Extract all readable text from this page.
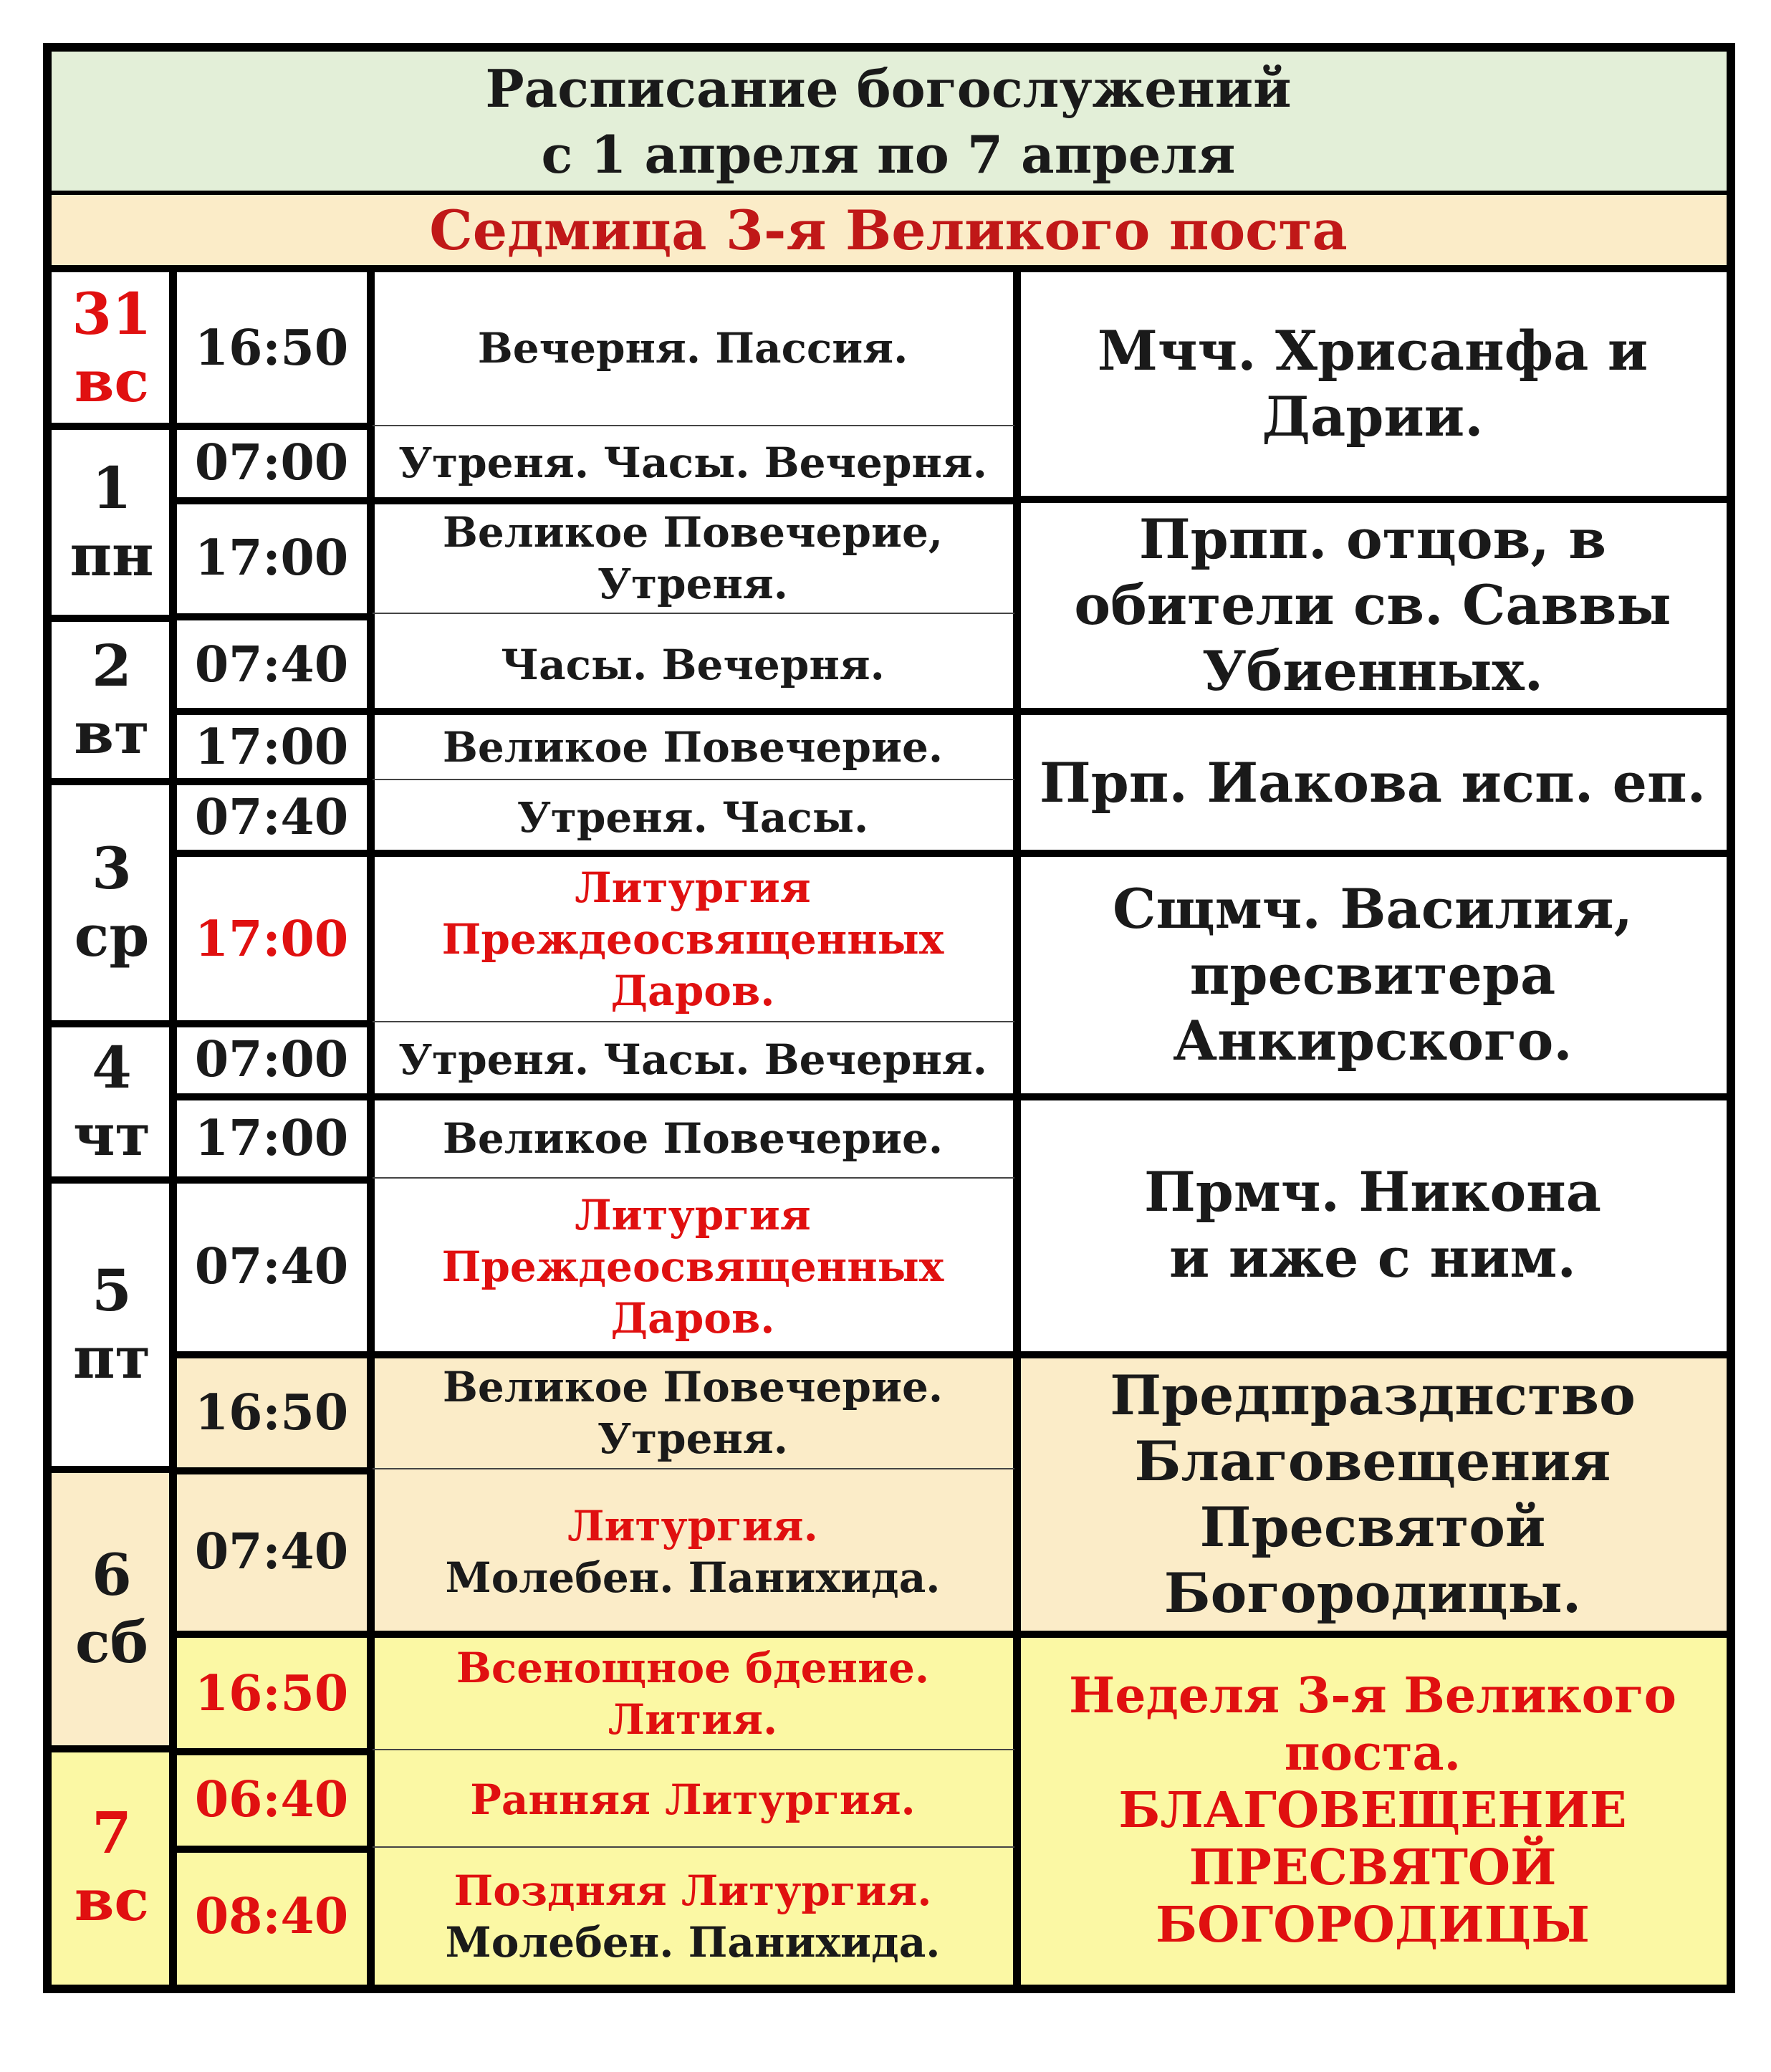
Расписание богослужений
с 1 апреля по 7 апреля
Седмица 3-я Великого поста
31
вс
1
пн
2
вт
3
ср
4
чт
5
пт
6
сб
7
вс
16:50
07:00
17:00
07:40
17:00
07:40
17:00
07:00
17:00
07:40
16:50
07:40
16:50
06:40
08:40
Вечерня. Пассия.
Утреня. Часы. Вечерня.
Великое Повечерие,
Утреня.
Часы. Вечерня.
Великое Повечерие.
Утреня. Часы.
Литургия
Преждеосвященных
Даров.
Утреня. Часы. Вечерня.
Великое Повечерие.
Литургия
Преждеосвященных
Даров.
Великое Повечерие.
Утреня.
Литургия.
Молебен. Панихида.
Всенощное бдение.
Лития.
Ранняя Литургия.
Поздняя Литургия.
Молебен. Панихида.
Мчч. Хрисанфа и
Дарии.
Прпп. отцов, в
обители св. Саввы
Убиенных.
Прп. Иакова исп. еп.
Сщмч. Василия,
пресвитера
Анкирского.
Прмч. Никона
и иже с ним.
Предпразднство
Благовещения
Пресвятой
Богородицы.
Неделя 3-я Великого
поста.
БЛАГОВЕЩЕНИЕ
ПРЕСВЯТОЙ
БОГОРОДИЦЫ
